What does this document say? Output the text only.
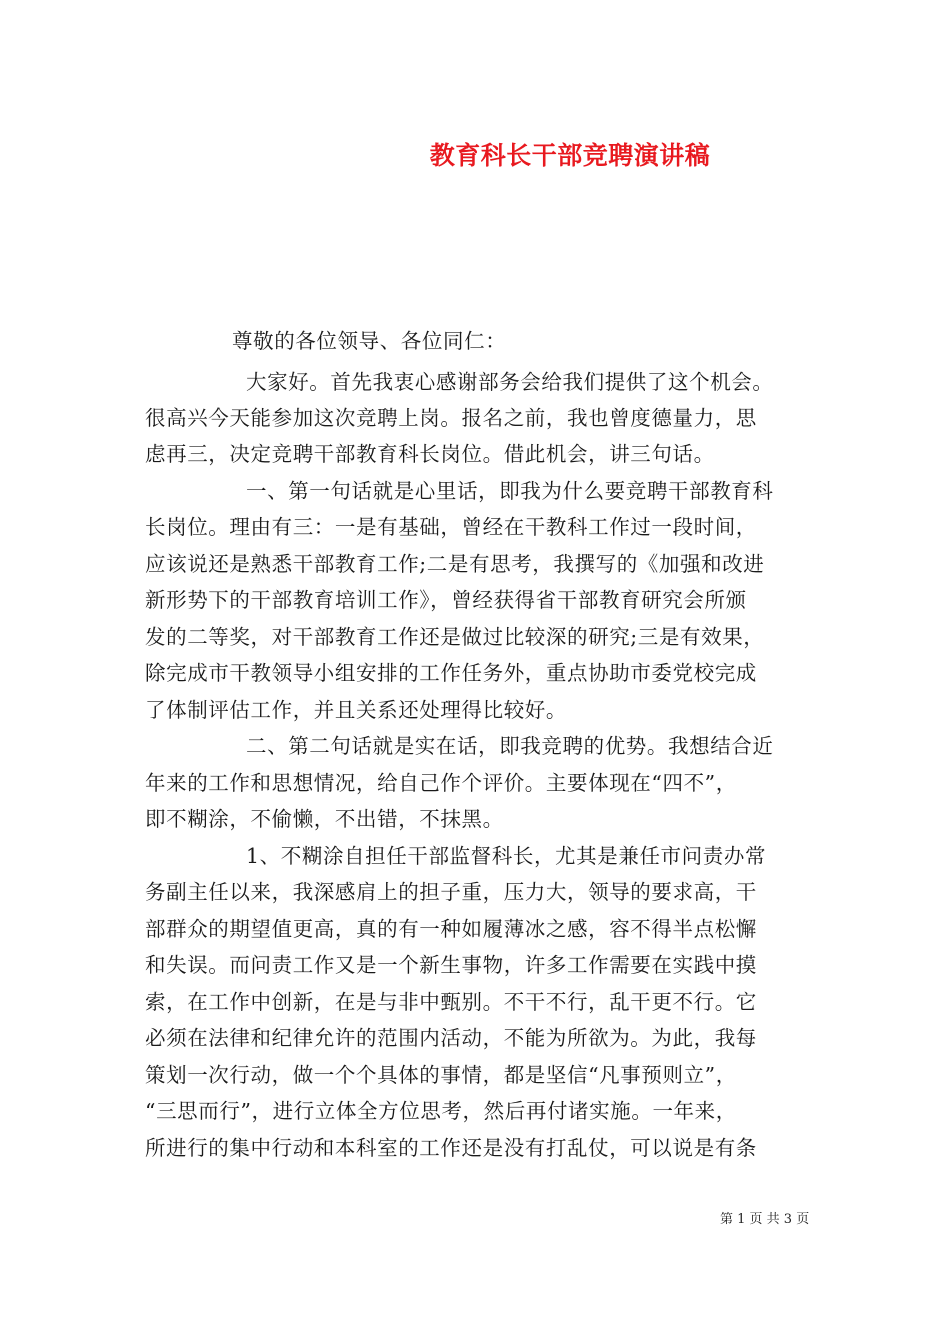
教育科长干部竞聘演讲稿
尊敬的各位领导、各位同仁：
大家好。首先我衷心感谢部务会给我们提供了这个机会。
很高兴今天能参加这次竞聘上岗。报名之前，我也曾度德量力，思
虑再三，决定竞聘干部教育科长岗位。借此机会，讲三句话。
一、第一句话就是心里话，即我为什么要竞聘干部教育科
长岗位。理由有三：一是有基础，曾经在干教科工作过一段时间，
应该说还是熟悉干部教育工作;二是有思考，我撰写的《加强和改进
新形势下的干部教育培训工作》，曾经获得省干部教育研究会所颁
发的二等奖，对干部教育工作还是做过比较深的研究;三是有效果，
除完成市干教领导小组安排的工作任务外，重点协助市委党校完成
了体制评估工作，并且关系还处理得比较好。
二、第二句话就是实在话，即我竞聘的优势。我想结合近
年来的工作和思想情况，给自己作个评价。主要体现在“四不”，
即不糊涂，不偷懒，不出错，不抹黑。
1、不糊涂自担任干部监督科长，尤其是兼任市问责办常
务副主任以来，我深感肩上的担子重，压力大，领导的要求高，干
部群众的期望值更高，真的有一种如履薄冰之感，容不得半点松懈
和失误。而问责工作又是一个新生事物，许多工作需要在实践中摸
索，在工作中创新，在是与非中甄别。不干不行，乱干更不行。它
必须在法律和纪律允许的范围内活动，不能为所欲为。为此，我每
策划一次行动，做一个个具体的事情，都是坚信“凡事预则立”，
“三思而行”，进行立体全方位思考，然后再付诸实施。一年来，
所进行的集中行动和本科室的工作还是没有打乱仗，可以说是有条
第 1 页 共 3 页
